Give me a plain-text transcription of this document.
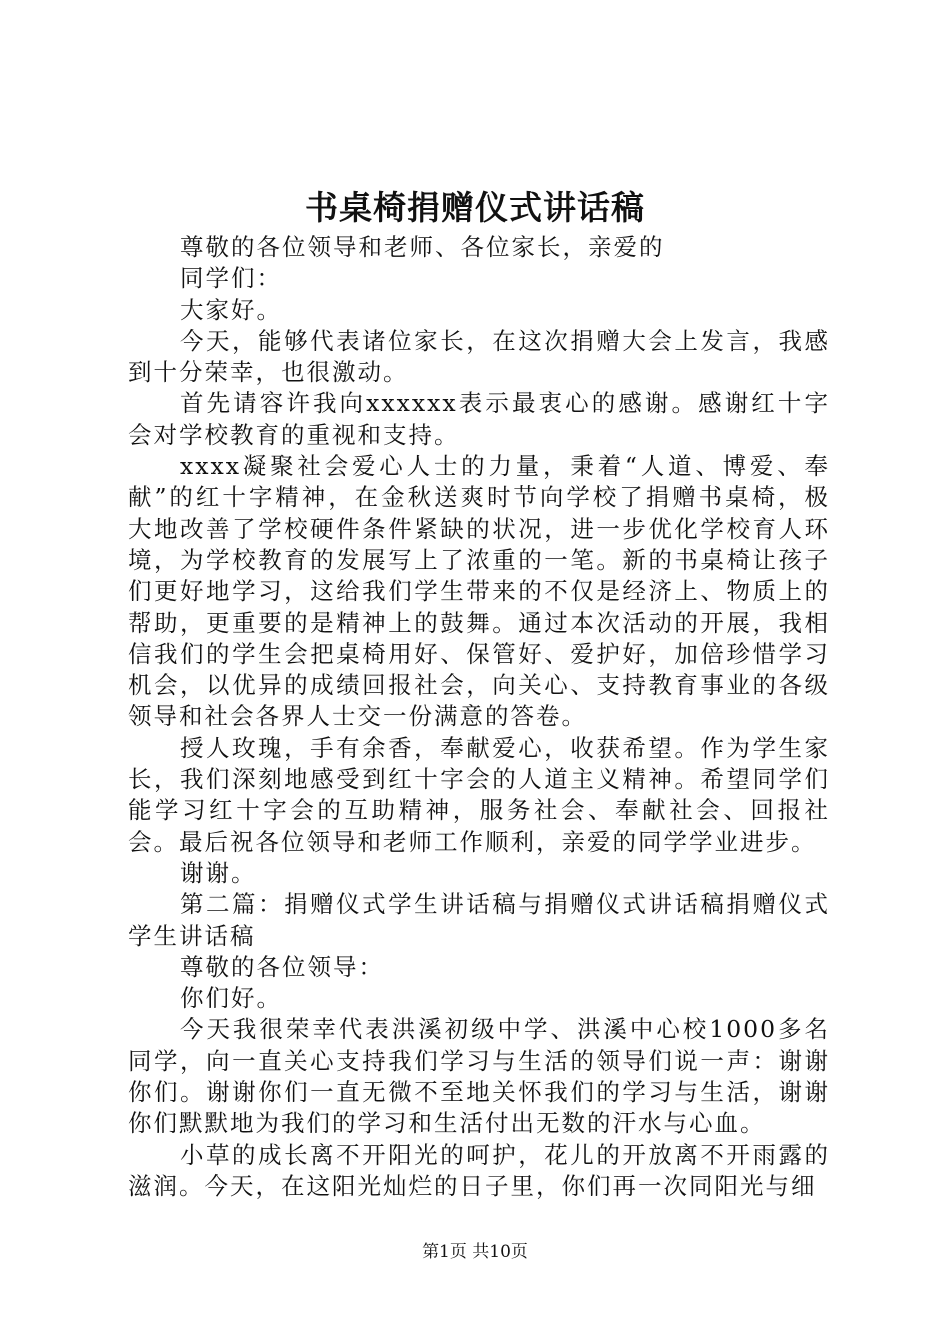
书桌椅捐赠仪式讲话稿

尊敬的各位领导和老师、各位家长，亲爱的

同学们：

大家好。

今天，能够代表诸位家长，在这次捐赠大会上发言，我感到十分荣幸，也很激动。

首先请容许我向xxxxxx表示最衷心的感谢。感谢红十字会对学校教育的重视和支持。

xxxx凝聚社会爱心人士的力量，秉着“人道、博爱、奉献”的红十字精神，在金秋送爽时节向学校了捐赠书桌椅，极大地改善了学校硬件条件紧缺的状况，进一步优化学校育人环境，为学校教育的发展写上了浓重的一笔。新的书桌椅让孩子们更好地学习，这给我们学生带来的不仅是经济上、物质上的帮助，更重要的是精神上的鼓舞。通过本次活动的开展，我相信我们的学生会把桌椅用好、保管好、爱护好，加倍珍惜学习机会，以优异的成绩回报社会，向关心、支持教育事业的各级领导和社会各界人士交一份满意的答卷。

授人玫瑰，手有余香，奉献爱心，收获希望。作为学生家长，我们深刻地感受到红十字会的人道主义精神。希望同学们能学习红十字会的互助精神，服务社会、奉献社会、回报社会。最后祝各位领导和老师工作顺利，亲爱的同学学业进步。

谢谢。

第二篇：捐赠仪式学生讲话稿与捐赠仪式讲话稿捐赠仪式学生讲话稿

尊敬的各位领导：

你们好。

今天我很荣幸代表洪溪初级中学、洪溪中心校1000多名同学，向一直关心支持我们学习与生活的领导们说一声：谢谢你们。谢谢你们一直无微不至地关怀我们的学习与生活，谢谢你们默默地为我们的学习和生活付出无数的汗水与心血。

小草的成长离不开阳光的呵护，花儿的开放离不开雨露的滋润。今天，在这阳光灿烂的日子里，你们再一次同阳光与细

第1页 共10页
